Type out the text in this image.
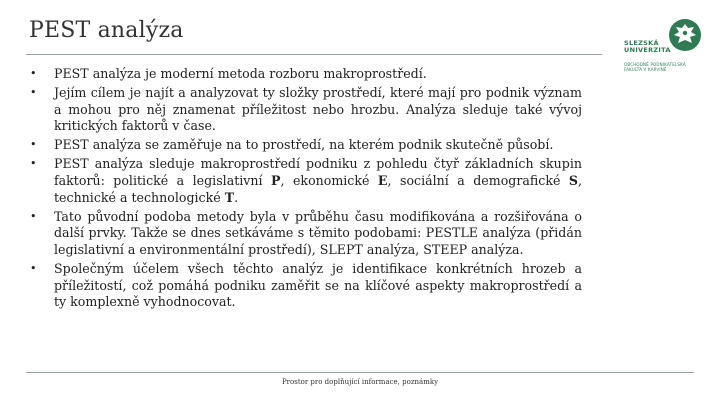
PEST analýza	SLEZSKÁ
UNIVERZITA
OBCHODNĚ PODNIKATELSKÁ
FAKULTA V KARVINÉ
• PEST analýza je moderní metoda rozboru makroprostředí.
• Jejím cílem je najít a analyzovat ty složky prostředí, které mají pro podnik význam a mohou pro něj znamenat příležitost nebo hrozbu. Analýza sleduje také vývoj kritických faktorů v čase.
• PEST analýza se zaměřuje na to prostředí, na kterém podnik skutečně působí.
• PEST analýza sleduje makroprostředí podniku z pohledu čtyř základních skupin faktorů: politické a legislativní P, ekonomické E, sociální a demografické S, technické a technologické T.
• Tato původní podoba metody byla v průběhu času modifikována a rozšiřována o další prvky. Takže se dnes setkáváme s těmito podobami: PESTLE analýza (přidán legislativní a environmentální prostředí), SLEPT analýza, STEEP analýza.
• Společným účelem všech těchto analýz je identifikace konkrétních hrozeb a příležitostí, což pomáhá podniku zaměřit se na klíčové aspekty makroprostředí a ty komplexně vyhodnocovat.
Prostor pro doplňující informace, poznámky
